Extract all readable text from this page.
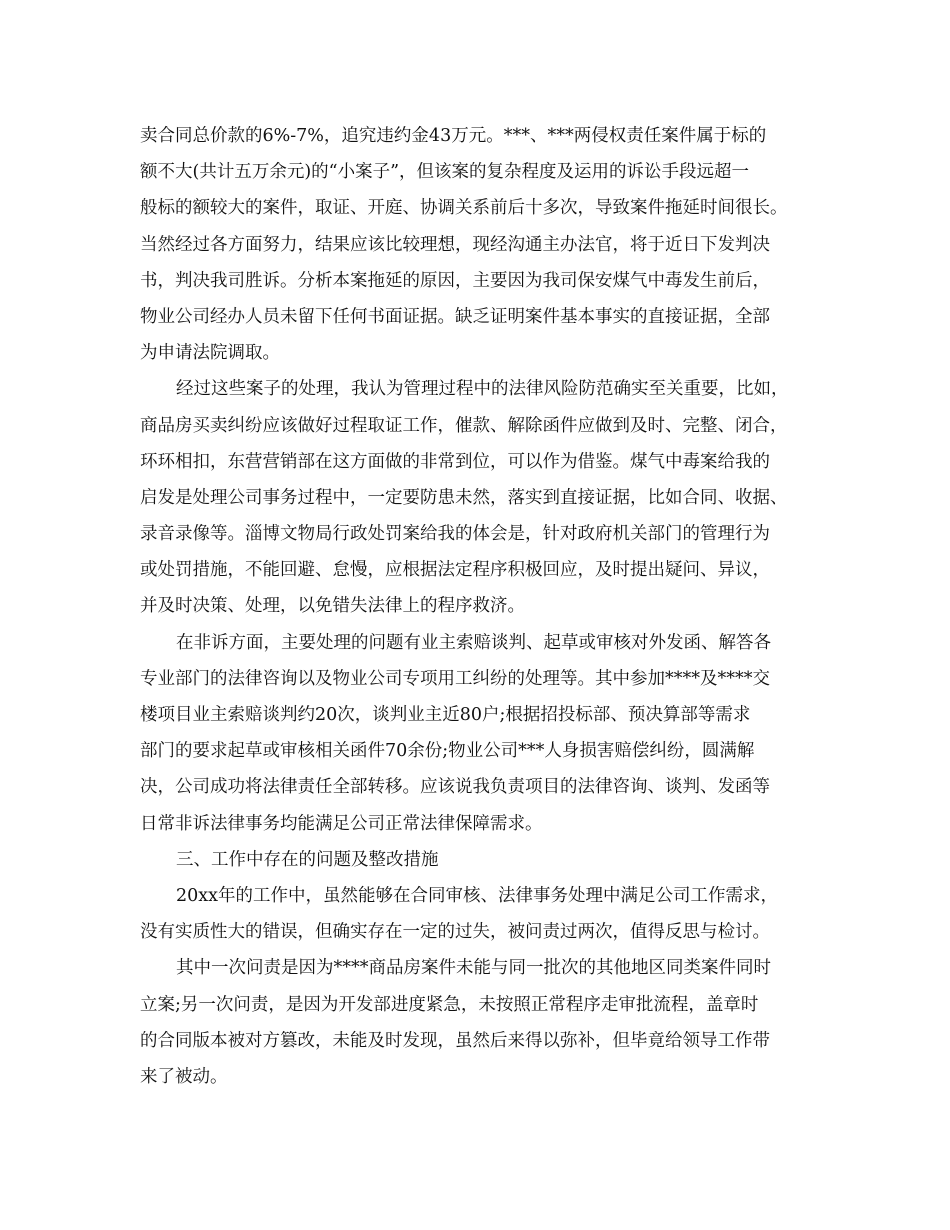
卖合同总价款的6%-7%，追究违约金43万元。***、***两侵权责任案件属于标的
额不大(共计五万余元)的“小案子”，但该案的复杂程度及运用的诉讼手段远超一
般标的额较大的案件，取证、开庭、协调关系前后十多次，导致案件拖延时间很长。
当然经过各方面努力，结果应该比较理想，现经沟通主办法官，将于近日下发判决
书，判决我司胜诉。分析本案拖延的原因，主要因为我司保安煤气中毒发生前后，
物业公司经办人员未留下任何书面证据。缺乏证明案件基本事实的直接证据，全部
为申请法院调取。
经过这些案子的处理，我认为管理过程中的法律风险防范确实至关重要，比如，
商品房买卖纠纷应该做好过程取证工作，催款、解除函件应做到及时、完整、闭合，
环环相扣，东营营销部在这方面做的非常到位，可以作为借鉴。煤气中毒案给我的
启发是处理公司事务过程中，一定要防患未然，落实到直接证据，比如合同、收据、
录音录像等。淄博文物局行政处罚案给我的体会是，针对政府机关部门的管理行为
或处罚措施，不能回避、怠慢，应根据法定程序积极回应，及时提出疑问、异议，
并及时决策、处理，以免错失法律上的程序救济。
在非诉方面，主要处理的问题有业主索赔谈判、起草或审核对外发函、解答各
专业部门的法律咨询以及物业公司专项用工纠纷的处理等。其中参加****及****交
楼项目业主索赔谈判约20次，谈判业主近80户;根据招投标部、预决算部等需求
部门的要求起草或审核相关函件70余份;物业公司***人身损害赔偿纠纷，圆满解
决，公司成功将法律责任全部转移。应该说我负责项目的法律咨询、谈判、发函等
日常非诉法律事务均能满足公司正常法律保障需求。
三、工作中存在的问题及整改措施
20xx年的工作中，虽然能够在合同审核、法律事务处理中满足公司工作需求，
没有实质性大的错误，但确实存在一定的过失，被问责过两次，值得反思与检讨。
其中一次问责是因为****商品房案件未能与同一批次的其他地区同类案件同时
立案;另一次问责，是因为开发部进度紧急，未按照正常程序走审批流程，盖章时
的合同版本被对方篡改，未能及时发现，虽然后来得以弥补，但毕竟给领导工作带
来了被动。
